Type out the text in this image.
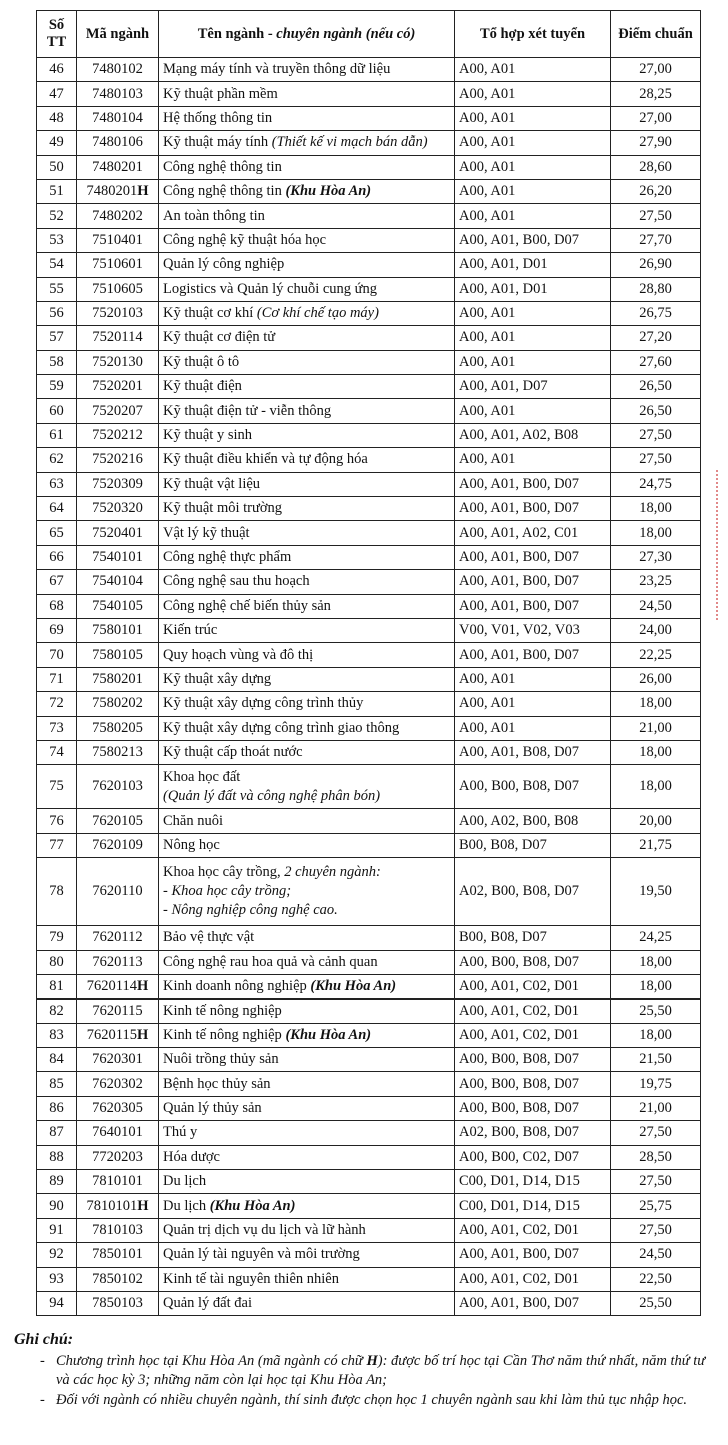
Số TT	Mã ngành	Tên ngành - chuyên ngành (nếu có)	Tổ hợp xét tuyển	Điểm chuẩn
46	7480102	Mạng máy tính và truyền thông dữ liệu	A00, A01	27,00
47	7480103	Kỹ thuật phần mềm	A00, A01	28,25
48	7480104	Hệ thống thông tin	A00, A01	27,00
49	7480106	Kỹ thuật máy tính (Thiết kế vi mạch bán dẫn)	A00, A01	27,90
50	7480201	Công nghệ thông tin	A00, A01	28,60
51	7480201H	Công nghệ thông tin (Khu Hòa An)	A00, A01	26,20
52	7480202	An toàn thông tin	A00, A01	27,50
53	7510401	Công nghệ kỹ thuật hóa học	A00, A01, B00, D07	27,70
54	7510601	Quản lý công nghiệp	A00, A01, D01	26,90
55	7510605	Logistics và Quản lý chuỗi cung ứng	A00, A01, D01	28,80
56	7520103	Kỹ thuật cơ khí (Cơ khí chế tạo máy)	A00, A01	26,75
57	7520114	Kỹ thuật cơ điện tử	A00, A01	27,20
58	7520130	Kỹ thuật ô tô	A00, A01	27,60
59	7520201	Kỹ thuật điện	A00, A01, D07	26,50
60	7520207	Kỹ thuật điện tử - viễn thông	A00, A01	26,50
61	7520212	Kỹ thuật y sinh	A00, A01, A02, B08	27,50
62	7520216	Kỹ thuật điều khiển và tự động hóa	A00, A01	27,50
63	7520309	Kỹ thuật vật liệu	A00, A01, B00, D07	24,75
64	7520320	Kỹ thuật môi trường	A00, A01, B00, D07	18,00
65	7520401	Vật lý kỹ thuật	A00, A01, A02, C01	18,00
66	7540101	Công nghệ thực phẩm	A00, A01, B00, D07	27,30
67	7540104	Công nghệ sau thu hoạch	A00, A01, B00, D07	23,25
68	7540105	Công nghệ chế biến thủy sản	A00, A01, B00, D07	24,50
69	7580101	Kiến trúc	V00, V01, V02, V03	24,00
70	7580105	Quy hoạch vùng và đô thị	A00, A01, B00, D07	22,25
71	7580201	Kỹ thuật xây dựng	A00, A01	26,00
72	7580202	Kỹ thuật xây dựng công trình thủy	A00, A01	18,00
73	7580205	Kỹ thuật xây dựng công trình giao thông	A00, A01	21,00
74	7580213	Kỹ thuật cấp thoát nước	A00, A01, B08, D07	18,00
75	7620103	Khoa học đất
(Quản lý đất và công nghệ phân bón)	A00, B00, B08, D07	18,00
76	7620105	Chăn nuôi	A00, A02, B00, B08	20,00
77	7620109	Nông học	B00, B08, D07	21,75
78	7620110	Khoa học cây trồng, 2 chuyên ngành:
- Khoa học cây trồng;
- Nông nghiệp công nghệ cao.	A02, B00, B08, D07	19,50
79	7620112	Bảo vệ thực vật	B00, B08, D07	24,25
80	7620113	Công nghệ rau hoa quả và cảnh quan	A00, B00, B08, D07	18,00
81	7620114H	Kinh doanh nông nghiệp (Khu Hòa An)	A00, A01, C02, D01	18,00
82	7620115	Kinh tế nông nghiệp	A00, A01, C02, D01	25,50
83	7620115H	Kinh tế nông nghiệp (Khu Hòa An)	A00, A01, C02, D01	18,00
84	7620301	Nuôi trồng thủy sản	A00, B00, B08, D07	21,50
85	7620302	Bệnh học thủy sản	A00, B00, B08, D07	19,75
86	7620305	Quản lý thủy sản	A00, B00, B08, D07	21,00
87	7640101	Thú y	A02, B00, B08, D07	27,50
88	7720203	Hóa dược	A00, B00, C02, D07	28,50
89	7810101	Du lịch	C00, D01, D14, D15	27,50
90	7810101H	Du lịch (Khu Hòa An)	C00, D01, D14, D15	25,75
91	7810103	Quản trị dịch vụ du lịch và lữ hành	A00, A01, C02, D01	27,50
92	7850101	Quản lý tài nguyên và môi trường	A00, A01, B00, D07	24,50
93	7850102	Kinh tế tài nguyên thiên nhiên	A00, A01, C02, D01	22,50
94	7850103	Quản lý đất đai	A00, A01, B00, D07	25,50
Ghi chú:
- Chương trình học tại Khu Hòa An (mã ngành có chữ H): được bố trí học tại Cần Thơ năm thứ nhất, năm thứ tư và các học kỳ 3; những năm còn lại học tại Khu Hòa An;
- Đối với ngành có nhiều chuyên ngành, thí sinh được chọn học 1 chuyên ngành sau khi làm thủ tục nhập học.
